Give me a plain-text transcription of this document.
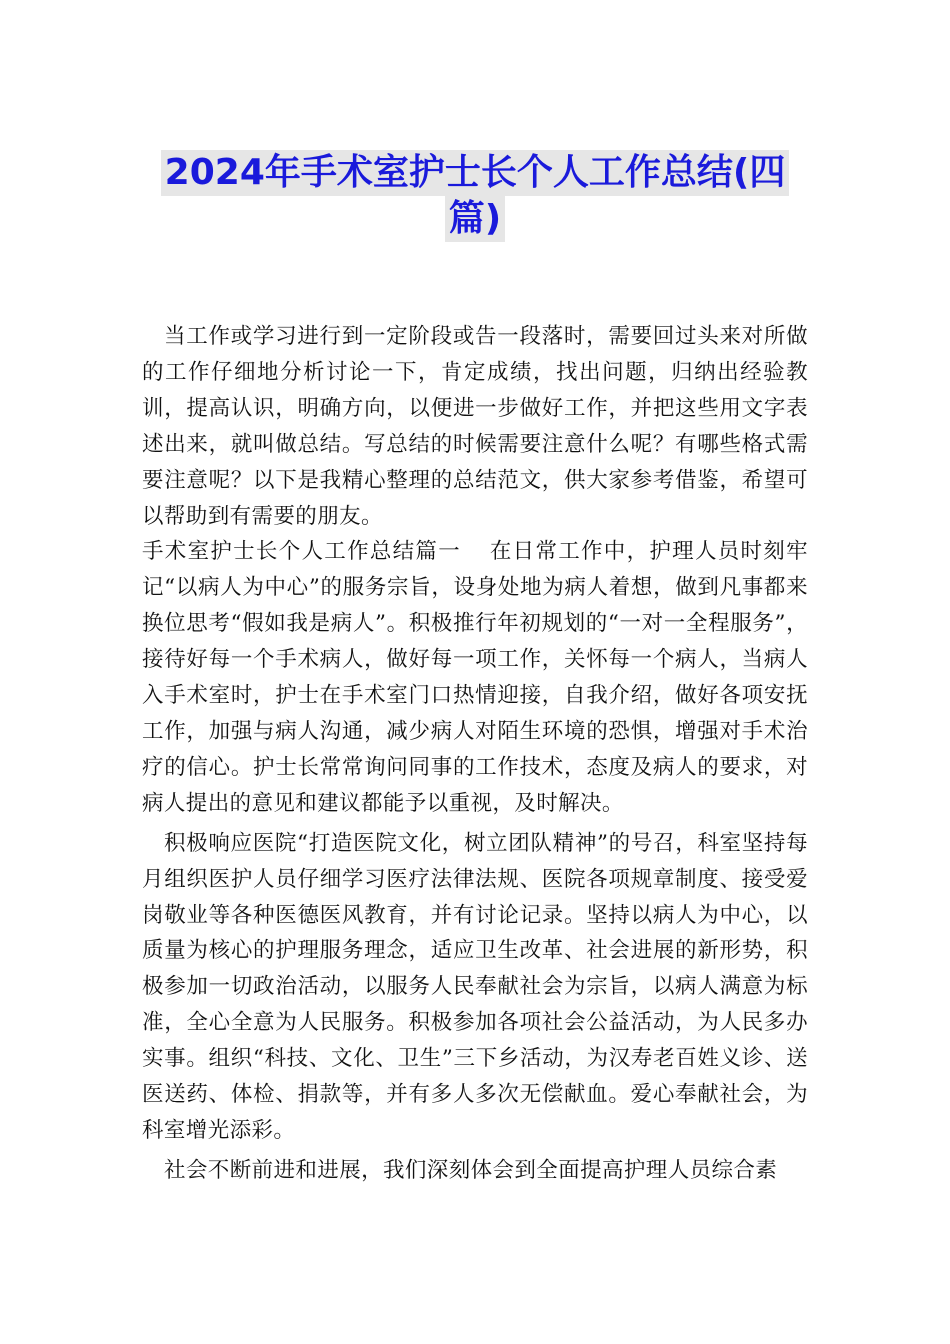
2024年手术室护士长个人工作总结(四
篇)

当工作或学习进行到一定阶段或告一段落时，需要回过头来对所做的工作仔细地分析讨论一下，肯定成绩，找出问题，归纳出经验教训，提高认识，明确方向，以便进一步做好工作，并把这些用文字表述出来，就叫做总结。写总结的时候需要注意什么呢？有哪些格式需要注意呢？以下是我精心整理的总结范文，供大家参考借鉴，希望可以帮助到有需要的朋友。

手术室护士长个人工作总结篇一 在日常工作中，护理人员时刻牢记“以病人为中心”的服务宗旨，设身处地为病人着想，做到凡事都来换位思考“假如我是病人”。积极推行年初规划的“一对一全程服务”，接待好每一个手术病人，做好每一项工作，关怀每一个病人，当病人入手术室时，护士在手术室门口热情迎接，自我介绍，做好各项安抚工作，加强与病人沟通，减少病人对陌生环境的恐惧，增强对手术治疗的信心。护士长常常询问同事的工作技术，态度及病人的要求，对病人提出的意见和建议都能予以重视，及时解决。

积极响应医院“打造医院文化，树立团队精神”的号召，科室坚持每月组织医护人员仔细学习医疗法律法规、医院各项规章制度、接受爱岗敬业等各种医德医风教育，并有讨论记录。坚持以病人为中心，以质量为核心的护理服务理念，适应卫生改革、社会进展的新形势，积极参加一切政治活动，以服务人民奉献社会为宗旨，以病人满意为标准，全心全意为人民服务。积极参加各项社会公益活动，为人民多办实事。组织“科技、文化、卫生”三下乡活动，为汉寿老百姓义诊、送医送药、体检、捐款等，并有多人多次无偿献血。爱心奉献社会，为科室增光添彩。

社会不断前进和进展，我们深刻体会到全面提高护理人员综合素
